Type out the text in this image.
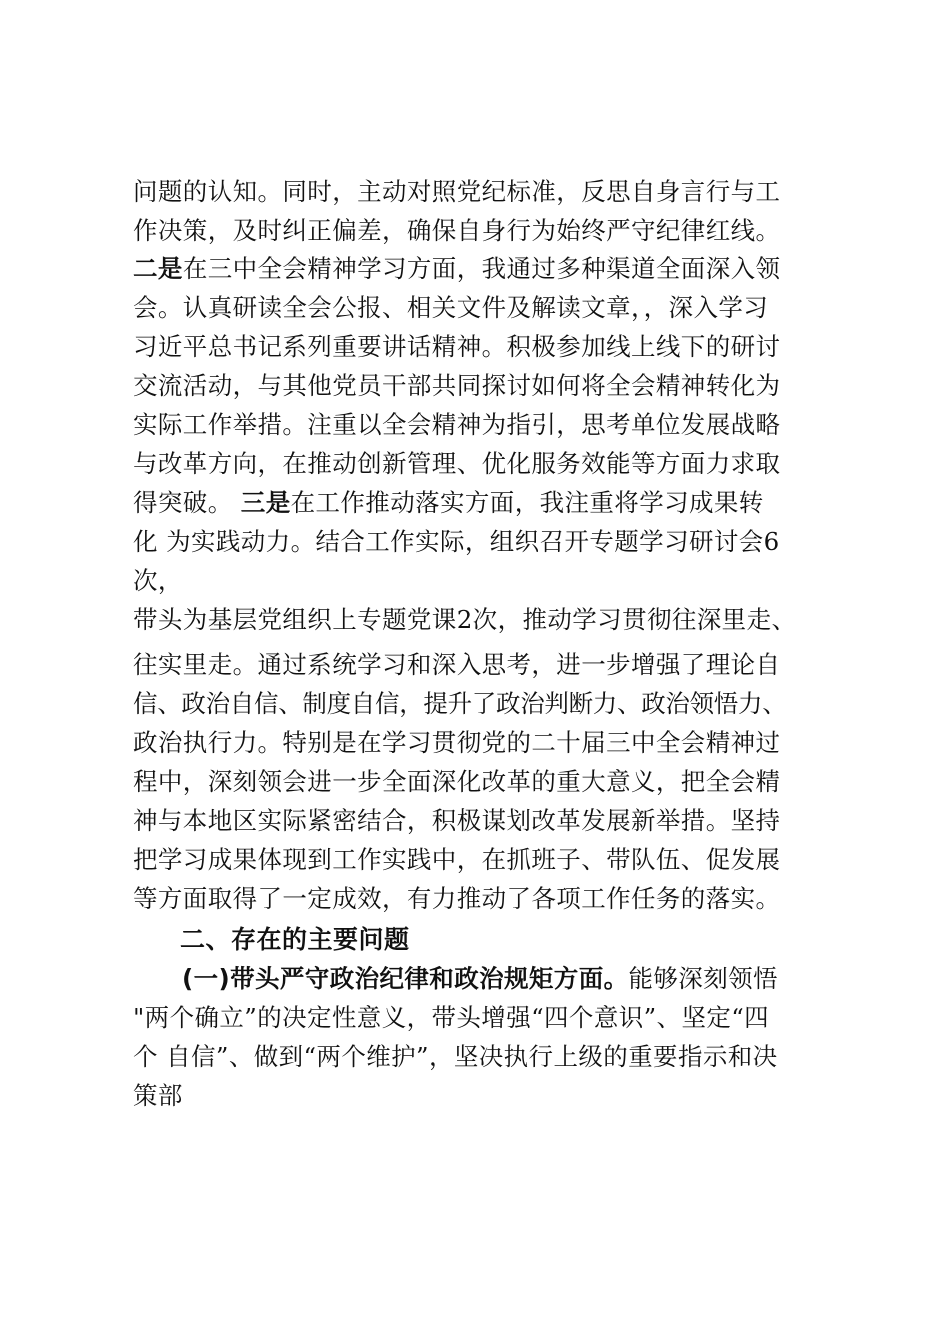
问题的认知。同时，主动对照党纪标准，反思自身言行与工
作决策，及时纠正偏差，确保自身行为始终严守纪律红线。
二是在三中全会精神学习方面，我通过多种渠道全面深入领
会。认真研读全会公报、相关文件及解读文章，，深入学习
习近平总书记系列重要讲话精神。积极参加线上线下的研讨
交流活动，与其他党员干部共同探讨如何将全会精神转化为
实际工作举措。注重以全会精神为指引，思考单位发展战略
与改革方向，在推动创新管理、优化服务效能等方面力求取
得突破。 三是在工作推动落实方面，我注重将学习成果转
化 为实践动力。结合工作实际，组织召开专题学习研讨会6
次，
带头为基层党组织上专题党课2次，推动学习贯彻往深里走、
往实里走。通过系统学习和深入思考，进一步增强了理论自
信、政治自信、制度自信，提升了政治判断力、政治领悟力、
政治执行力。特别是在学习贯彻党的二十届三中全会精神过
程中，深刻领会进一步全面深化改革的重大意义，把全会精
神与本地区实际紧密结合，积极谋划改革发展新举措。坚持
把学习成果体现到工作实践中，在抓班子、带队伍、促发展
等方面取得了一定成效，有力推动了各项工作任务的落实。
二、存在的主要问题
(一)带头严守政治纪律和政治规矩方面。能够深刻领悟
"两个确立”的决定性意义，带头增强“四个意识”、坚定“四
个 自信”、做到“两个维护”，坚决执行上级的重要指示和决
策部
